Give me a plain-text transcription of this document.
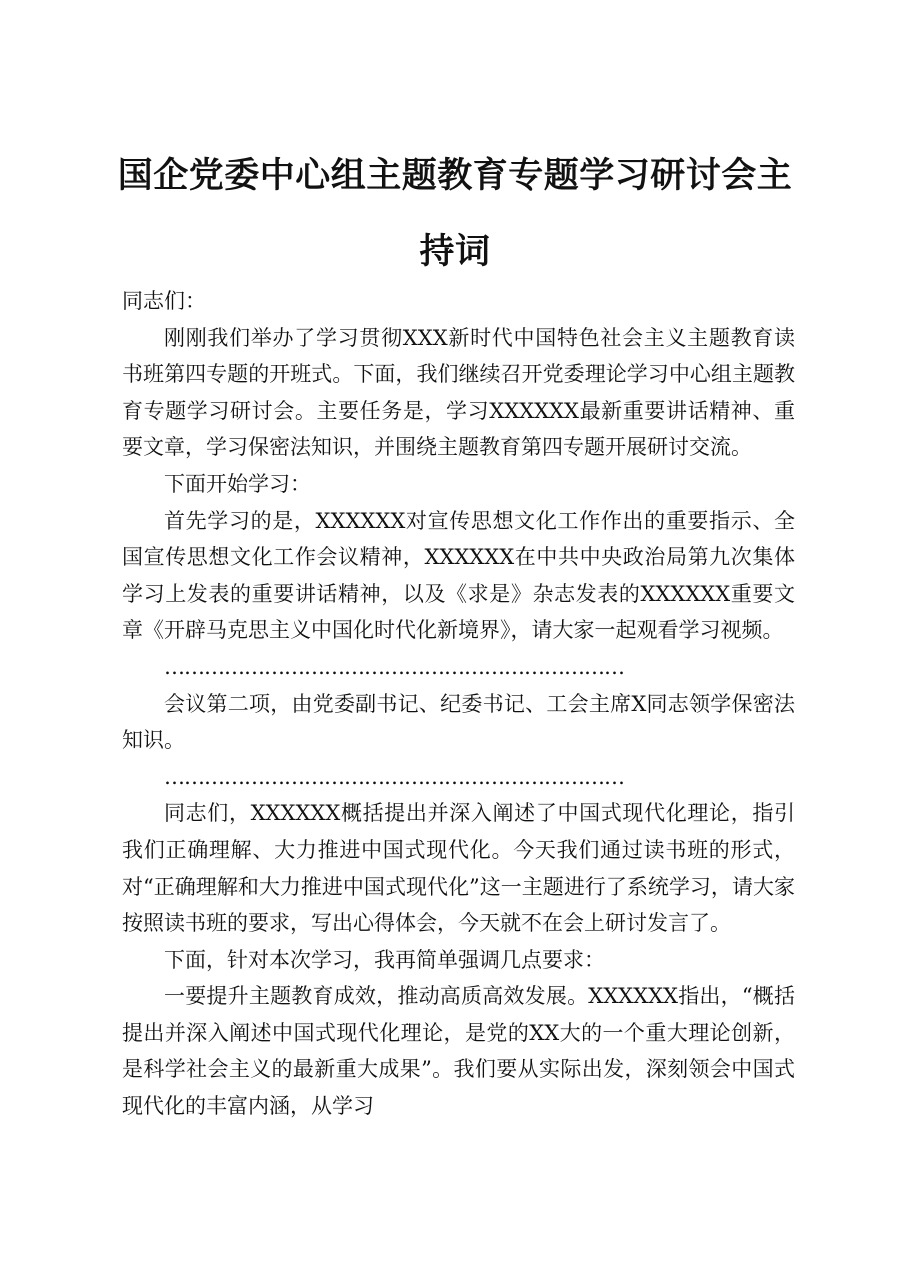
国企党委中心组主题教育专题学习研讨会主持词

同志们：

刚刚我们举办了学习贯彻XXX新时代中国特色社会主义主题教育读书班第四专题的开班式。下面，我们继续召开党委理论学习中心组主题教育专题学习研讨会。主要任务是，学习XXXXXX最新重要讲话精神、重要文章，学习保密法知识，并围绕主题教育第四专题开展研讨交流。

下面开始学习：

首先学习的是，XXXXXX对宣传思想文化工作作出的重要指示、全国宣传思想文化工作会议精神，XXXXXX在中共中央政治局第九次集体学习上发表的重要讲话精神，以及《求是》杂志发表的XXXXXX重要文章《开辟马克思主义中国化时代化新境界》，请大家一起观看学习视频。

……………………………………………………………

会议第二项，由党委副书记、纪委书记、工会主席X同志领学保密法知识。

……………………………………………………………

同志们，XXXXXX概括提出并深入阐述了中国式现代化理论，指引我们正确理解、大力推进中国式现代化。今天我们通过读书班的形式，对“正确理解和大力推进中国式现代化”这一主题进行了系统学习，请大家按照读书班的要求，写出心得体会，今天就不在会上研讨发言了。

下面，针对本次学习，我再简单强调几点要求：

一要提升主题教育成效，推动高质高效发展。XXXXXX指出，“概括提出并深入阐述中国式现代化理论，是党的XX大的一个重大理论创新，是科学社会主义的最新重大成果”。我们要从实际出发，深刻领会中国式现代化的丰富内涵，从学习
